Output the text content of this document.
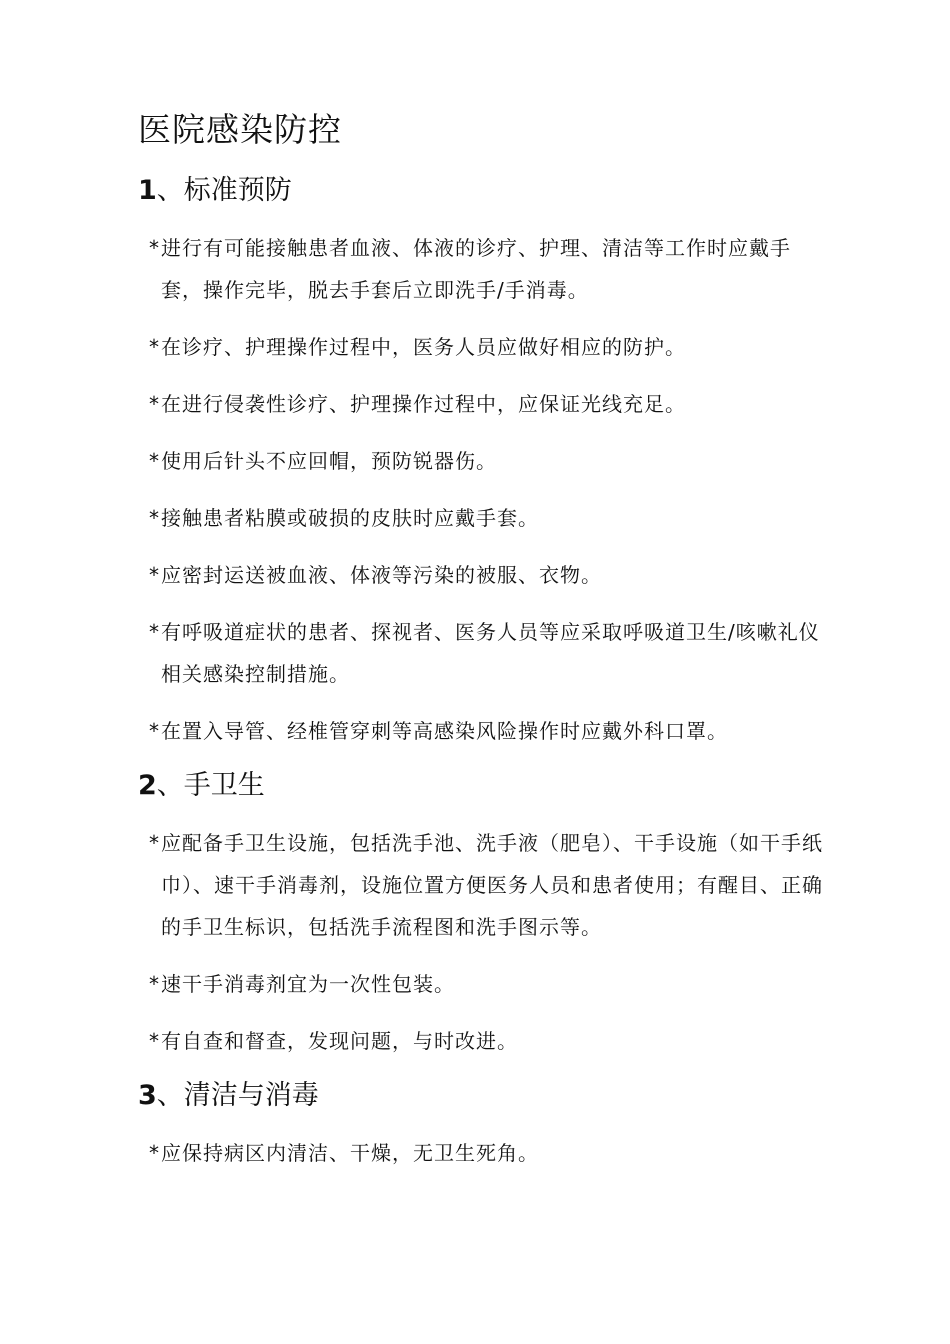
医院感染防控
1、标准预防

*进行有可能接触患者血液、体液的诊疗、护理、清洁等工作时应戴手套，操作完毕，脱去手套后立即洗手/手消毒。

*在诊疗、护理操作过程中，医务人员应做好相应的防护。

*在进行侵袭性诊疗、护理操作过程中，应保证光线充足。

*使用后针头不应回帽，预防锐器伤。

*接触患者粘膜或破损的皮肤时应戴手套。

*应密封运送被血液、体液等污染的被服、衣物。

*有呼吸道症状的患者、探视者、医务人员等应采取呼吸道卫生/咳嗽礼仪相关感染控制措施。

*在置入导管、经椎管穿刺等高感染风险操作时应戴外科口罩。

2、手卫生

*应配备手卫生设施，包括洗手池、洗手液（肥皂）、干手设施（如干手纸巾）、速干手消毒剂，设施位置方便医务人员和患者使用；有醒目、正确的手卫生标识，包括洗手流程图和洗手图示等。

*速干手消毒剂宜为一次性包装。

*有自查和督查，发现问题，与时改进。

3、清洁与消毒

*应保持病区内清洁、干燥，无卫生死角。
